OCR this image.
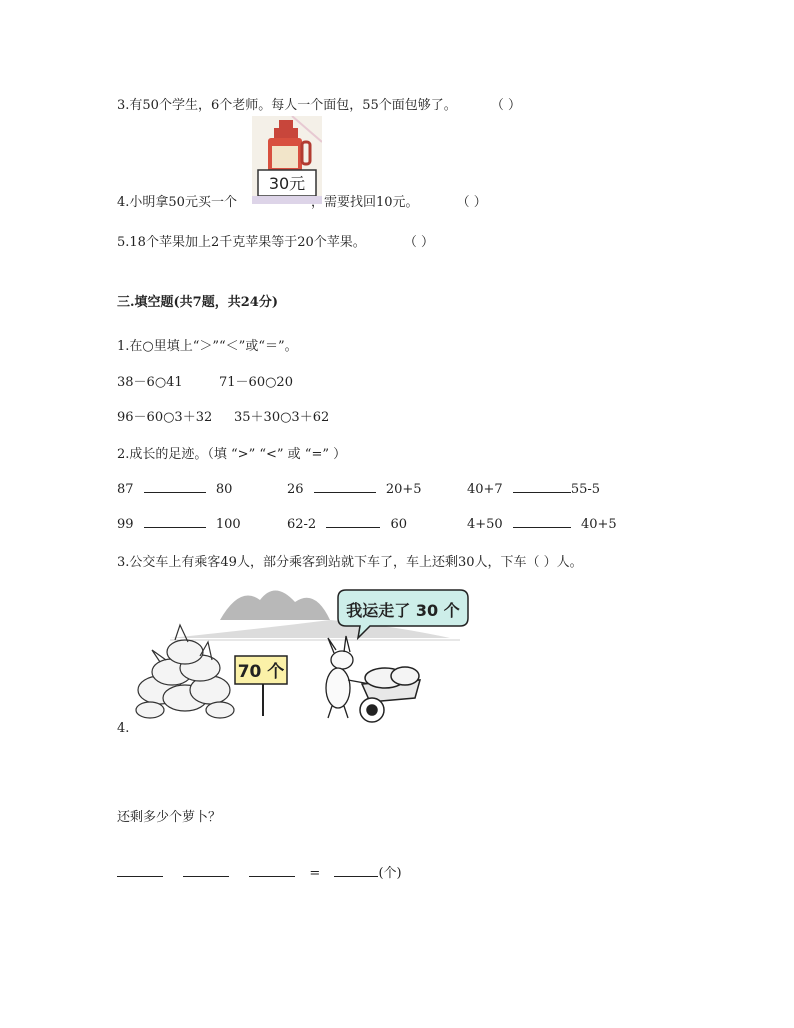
3.有50个学生，6个老师。每人一个面包，55个面包够了。	（ ）
30元
4.小明拿50元买一个	，需要找回10元。	（ ）
5.18个苹果加上2千克苹果等于20个苹果。	（ ）
三.填空题(共7题，共24分)
1.在○里填上“＞”“＜”或“＝”。
38－6○41	71－60○20
96－60○3＋32 35＋30○3＋62
2.成长的足迹。（填 “>” “<” 或 “=” ）
87	80	26	20+5	40+7	55-5
99	100	62-2	60	4+50	40+5
3.公交车上有乘客49人，部分乘客到站就下车了，车上还剩30人，下车（ ）人。
70 个
我运走了 30 个
4.
还剩多少个萝卜？
=	(个)
